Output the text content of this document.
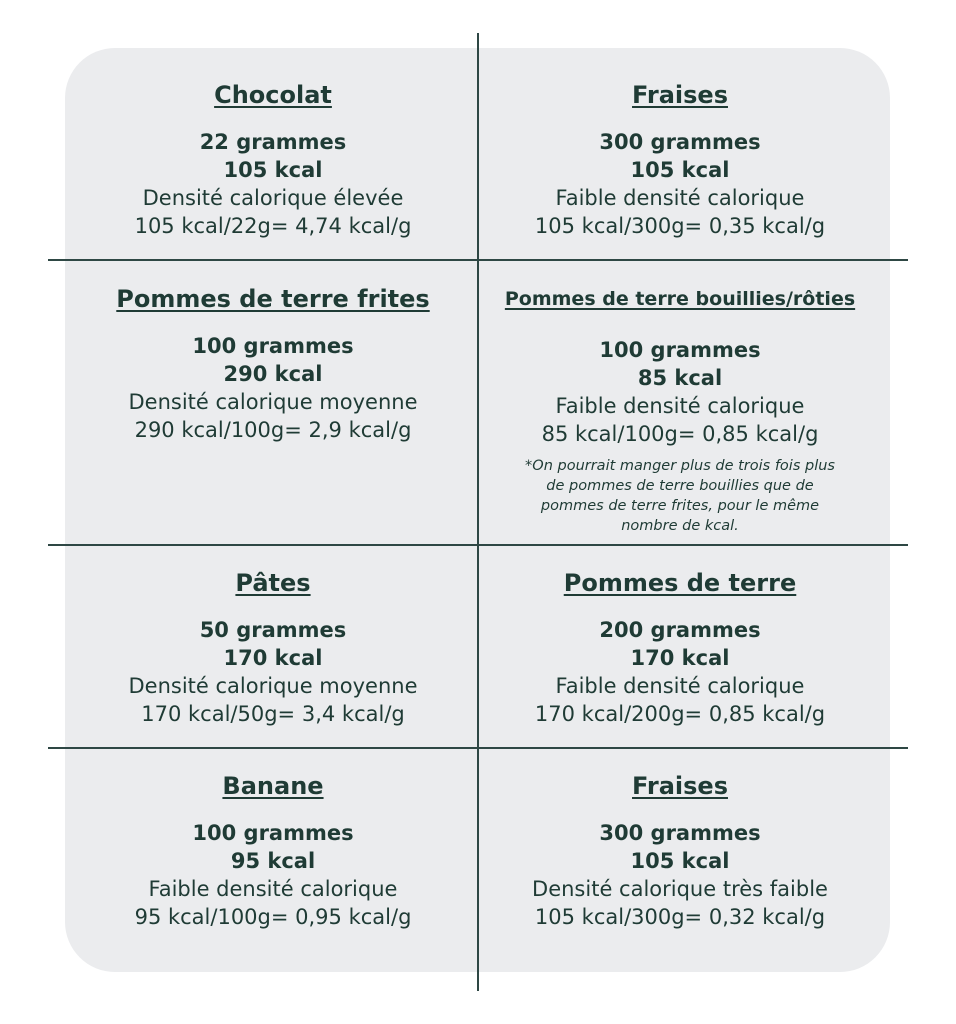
Chocolat
22 grammes
105 kcal
Densité calorique élevée
105 kcal/22g= 4,74 kcal/g
Fraises
300 grammes
105 kcal
Faible densité calorique
105 kcal/300g= 0,35 kcal/g
Pommes de terre frites
100 grammes
290 kcal
Densité calorique moyenne
290 kcal/100g= 2,9 kcal/g
Pommes de terre bouillies/rôties
100 grammes
85 kcal
Faible densité calorique
85 kcal/100g= 0,85 kcal/g
*On pourrait manger plus de trois fois plus de pommes de terre bouillies que de pommes de terre frites, pour le même nombre de kcal.
Pâtes
50 grammes
170 kcal
Densité calorique moyenne
170 kcal/50g= 3,4 kcal/g
Pommes de terre
200 grammes
170 kcal
Faible densité calorique
170 kcal/200g= 0,85 kcal/g
Banane
100 grammes
95 kcal
Faible densité calorique
95 kcal/100g= 0,95 kcal/g
Fraises
300 grammes
105 kcal
Densité calorique très faible
105 kcal/300g= 0,32 kcal/g
